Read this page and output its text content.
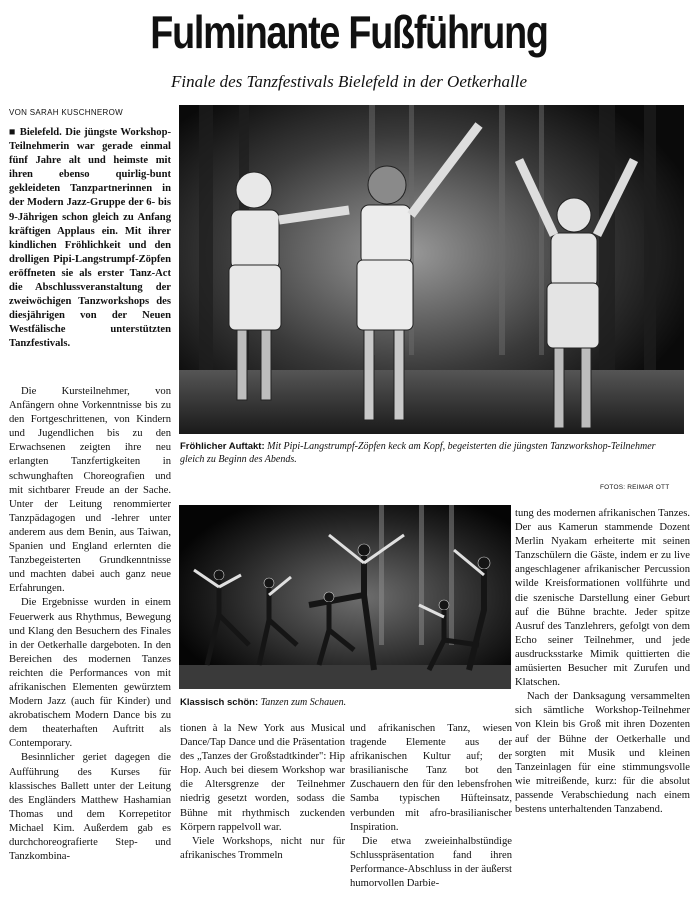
Fulminante Fußführung
Finale des Tanzfestivals Bielefeld in der Oetkerhalle
VON SARAH KUSCHNEROW

■ Bielefeld. Die jüngste Workshop-Teilnehmerin war gerade einmal fünf Jahre alt und heimste mit ihren ebenso quirlig-bunt gekleideten Tanzpartnerinnen in der Modern Jazz-Gruppe der 6- bis 9-Jährigen schon gleich zu Anfang kräftigen Applaus ein. Mit ihrer kindlichen Fröhlichkeit und den drolligen Pipi-Langstrumpf-Zöpfen eröffneten sie als erster Tanz-Act die Abschlussveranstaltung der zweiwöchigen Tanzworkshops des diesjährigen von der Neuen Westfälische unterstützten Tanzfestivals.

Fröhlicher Auftakt: Mit Pipi-Langstrumpf-Zöpfen keck am Kopf, begeisterten die jüngsten Tanzworkshop-Teilnehmer gleich zu Beginn des Abends.
FOTOS: REIMAR OTT

Die Kursteilnehmer, von Anfängern ohne Vorkenntnisse bis zu den Fortgeschrittenen, von Kindern und Jugendlichen bis zu den Erwachsenen zeigten ihre neu erlangten Tanzfertigkeiten in schwunghaften Choreografien und mit sichtbarer Freude an der Sache. Unter der Leitung renommierter Tanzpädagogen und -lehrer unter anderem aus dem Benin, aus Taiwan, Spanien und England erlernten die Tanzbegeisterten Grundkenntnisse und machten dabei auch ganz neue Erfahrungen.

Die Ergebnisse wurden in einem Feuerwerk aus Rhythmus, Bewegung und Klang den Besuchern des Finales in der Oetkerhalle dargeboten. In den Bereichen des modernen Tanzes reichten die Performances von mit afrikanischen Elementen gewürztem Modern Jazz (auch für Kinder) und akrobatischem Modern Dance bis zu dem theaterhaften Auftritt als Contemporary.

Besinnlicher geriet dagegen die Aufführung des Kurses für klassisches Ballett unter der Leitung des Engländers Matthew Hashamian Thomas und dem Korrepetitor Michael Kim. Außerdem gab es durchchoreografierte Step- und Tanzkombina-

Klassisch schön: Tanzen zum Schauen.

tionen à la New York aus Musical Dance/Tap Dance und die Präsentation des „Tanzes der Großstadtkinder": Hip Hop. Auch bei diesem Workshop war die Altersgrenze der Teilnehmer niedrig gesetzt worden, sodass die Bühne mit rhythmisch zuckenden Körpern rappelvoll war.

Viele Workshops, nicht nur für afrikanisches Trommeln

und afrikanischen Tanz, wiesen tragende Elemente aus der afrikanischen Kultur auf; der brasilianische Tanz bot den Zuschauern den für den lebensfrohen Samba typischen Hüfteinsatz, verbunden mit afro-brasilianischer Inspiration.

Die etwa zweieinhalbstündige Schlusspräsentation fand ihren Performance-Abschluss in der äußerst humorvollen Darbie-

tung des modernen afrikanischen Tanzes. Der aus Kamerun stammende Dozent Merlin Nyakam erheiterte mit seinen Tanzschülern die Gäste, indem er zu live angeschlagener afrikanischer Percussion wilde Kreisformationen vollführte und die szenische Darstellung einer Geburt auf die Bühne brachte. Jeder spitze Ausruf des Tanzlehrers, gefolgt von dem Echo seiner Teilnehmer, und jede ausdrucksstarke Mimik quittierten die amüsierten Besucher mit Zurufen und Klatschen.

Nach der Danksagung versammelten sich sämtliche Workshop-Teilnehmer von Klein bis Groß mit ihren Dozenten auf der Bühne der Oetkerhalle und sorgten mit Musik und kleinen Tanzeinlagen für eine stimmungsvolle wie mitreißende, kurz: für die absolut passende Verabschiedung nach einem bestens unterhaltenden Tanzabend.
